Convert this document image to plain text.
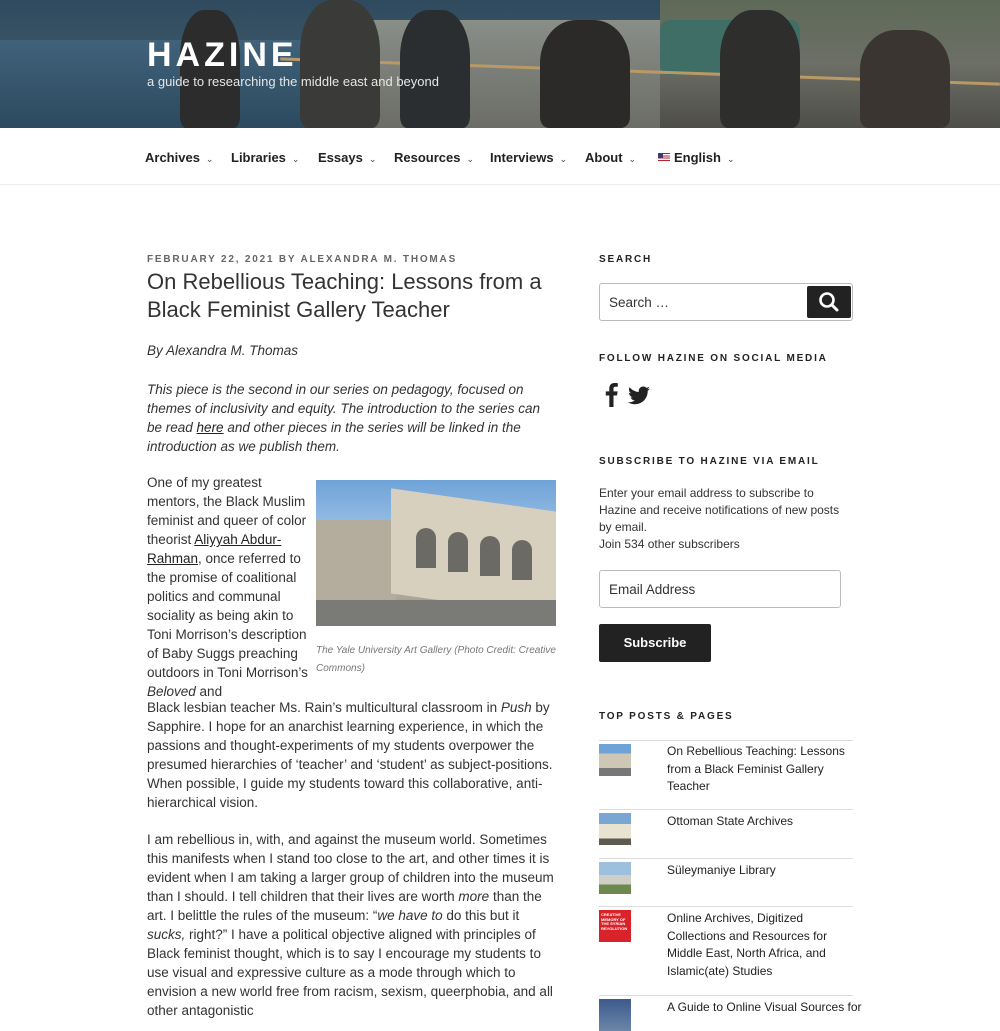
HAZINE
a guide to researching the middle east and beyond
Archives ⌄ Libraries ⌄ Essays ⌄ Resources ⌄ Interviews ⌄ About ⌄	English ⌄
FEBRUARY 22, 2021 BY ALEXANDRA M. THOMAS
On Rebellious Teaching: Lessons from a Black Feminist Gallery Teacher
By Alexandra M. Thomas

This piece is the second in our series on pedagogy, focused on themes of inclusivity and equity. The introduction to the series can be read here and other pieces in the series will be linked in the introduction as we publish them.

One of my greatest mentors, the Black Muslim feminist and queer of color theorist Aliyyah Abdur-Rahman, once referred to the promise of coalitional politics and communal sociality as being akin to Toni Morrison’s description of Baby Suggs preaching outdoors in Toni Morrison’s Beloved and

The Yale University Art Gallery (Photo Credit: Creative Commons)

Black lesbian teacher Ms. Rain’s multicultural classroom in Push by Sapphire. I hope for an anarchist learning experience, in which the passions and thought-experiments of my students overpower the presumed hierarchies of ‘teacher’ and ‘student’ as subject-positions. When possible, I guide my students toward this collaborative, anti-hierarchical vision.

I am rebellious in, with, and against the museum world. Sometimes this manifests when I stand too close to the art, and other times it is evident when I am taking a larger group of children into the museum than I should. I tell children that their lives are worth more than the art. I belittle the rules of the museum: “we have to do this but it sucks, right?” I have a political objective aligned with principles of Black feminist thought, which is to say I encourage my students to use visual and expressive culture as a mode through which to envision a new world free from racism, sexism, queerphobia, and all other antagonistic

SEARCH
Search …
FOLLOW HAZINE ON SOCIAL MEDIA
SUBSCRIBE TO HAZINE VIA EMAIL
Enter your email address to subscribe to Hazine and receive notifications of new posts by email.
Join 534 other subscribers
Email Address
Subscribe
TOP POSTS & PAGES
On Rebellious Teaching: Lessons from a Black Feminist Gallery Teacher
Ottoman State Archives
Süleymaniye Library
CREATIVE MEMORY OF THE SYRIAN REVOLUTION
Online Archives, Digitized Collections and Resources for Middle East, North Africa, and Islamic(ate) Studies
A Guide to Online Visual Sources for
